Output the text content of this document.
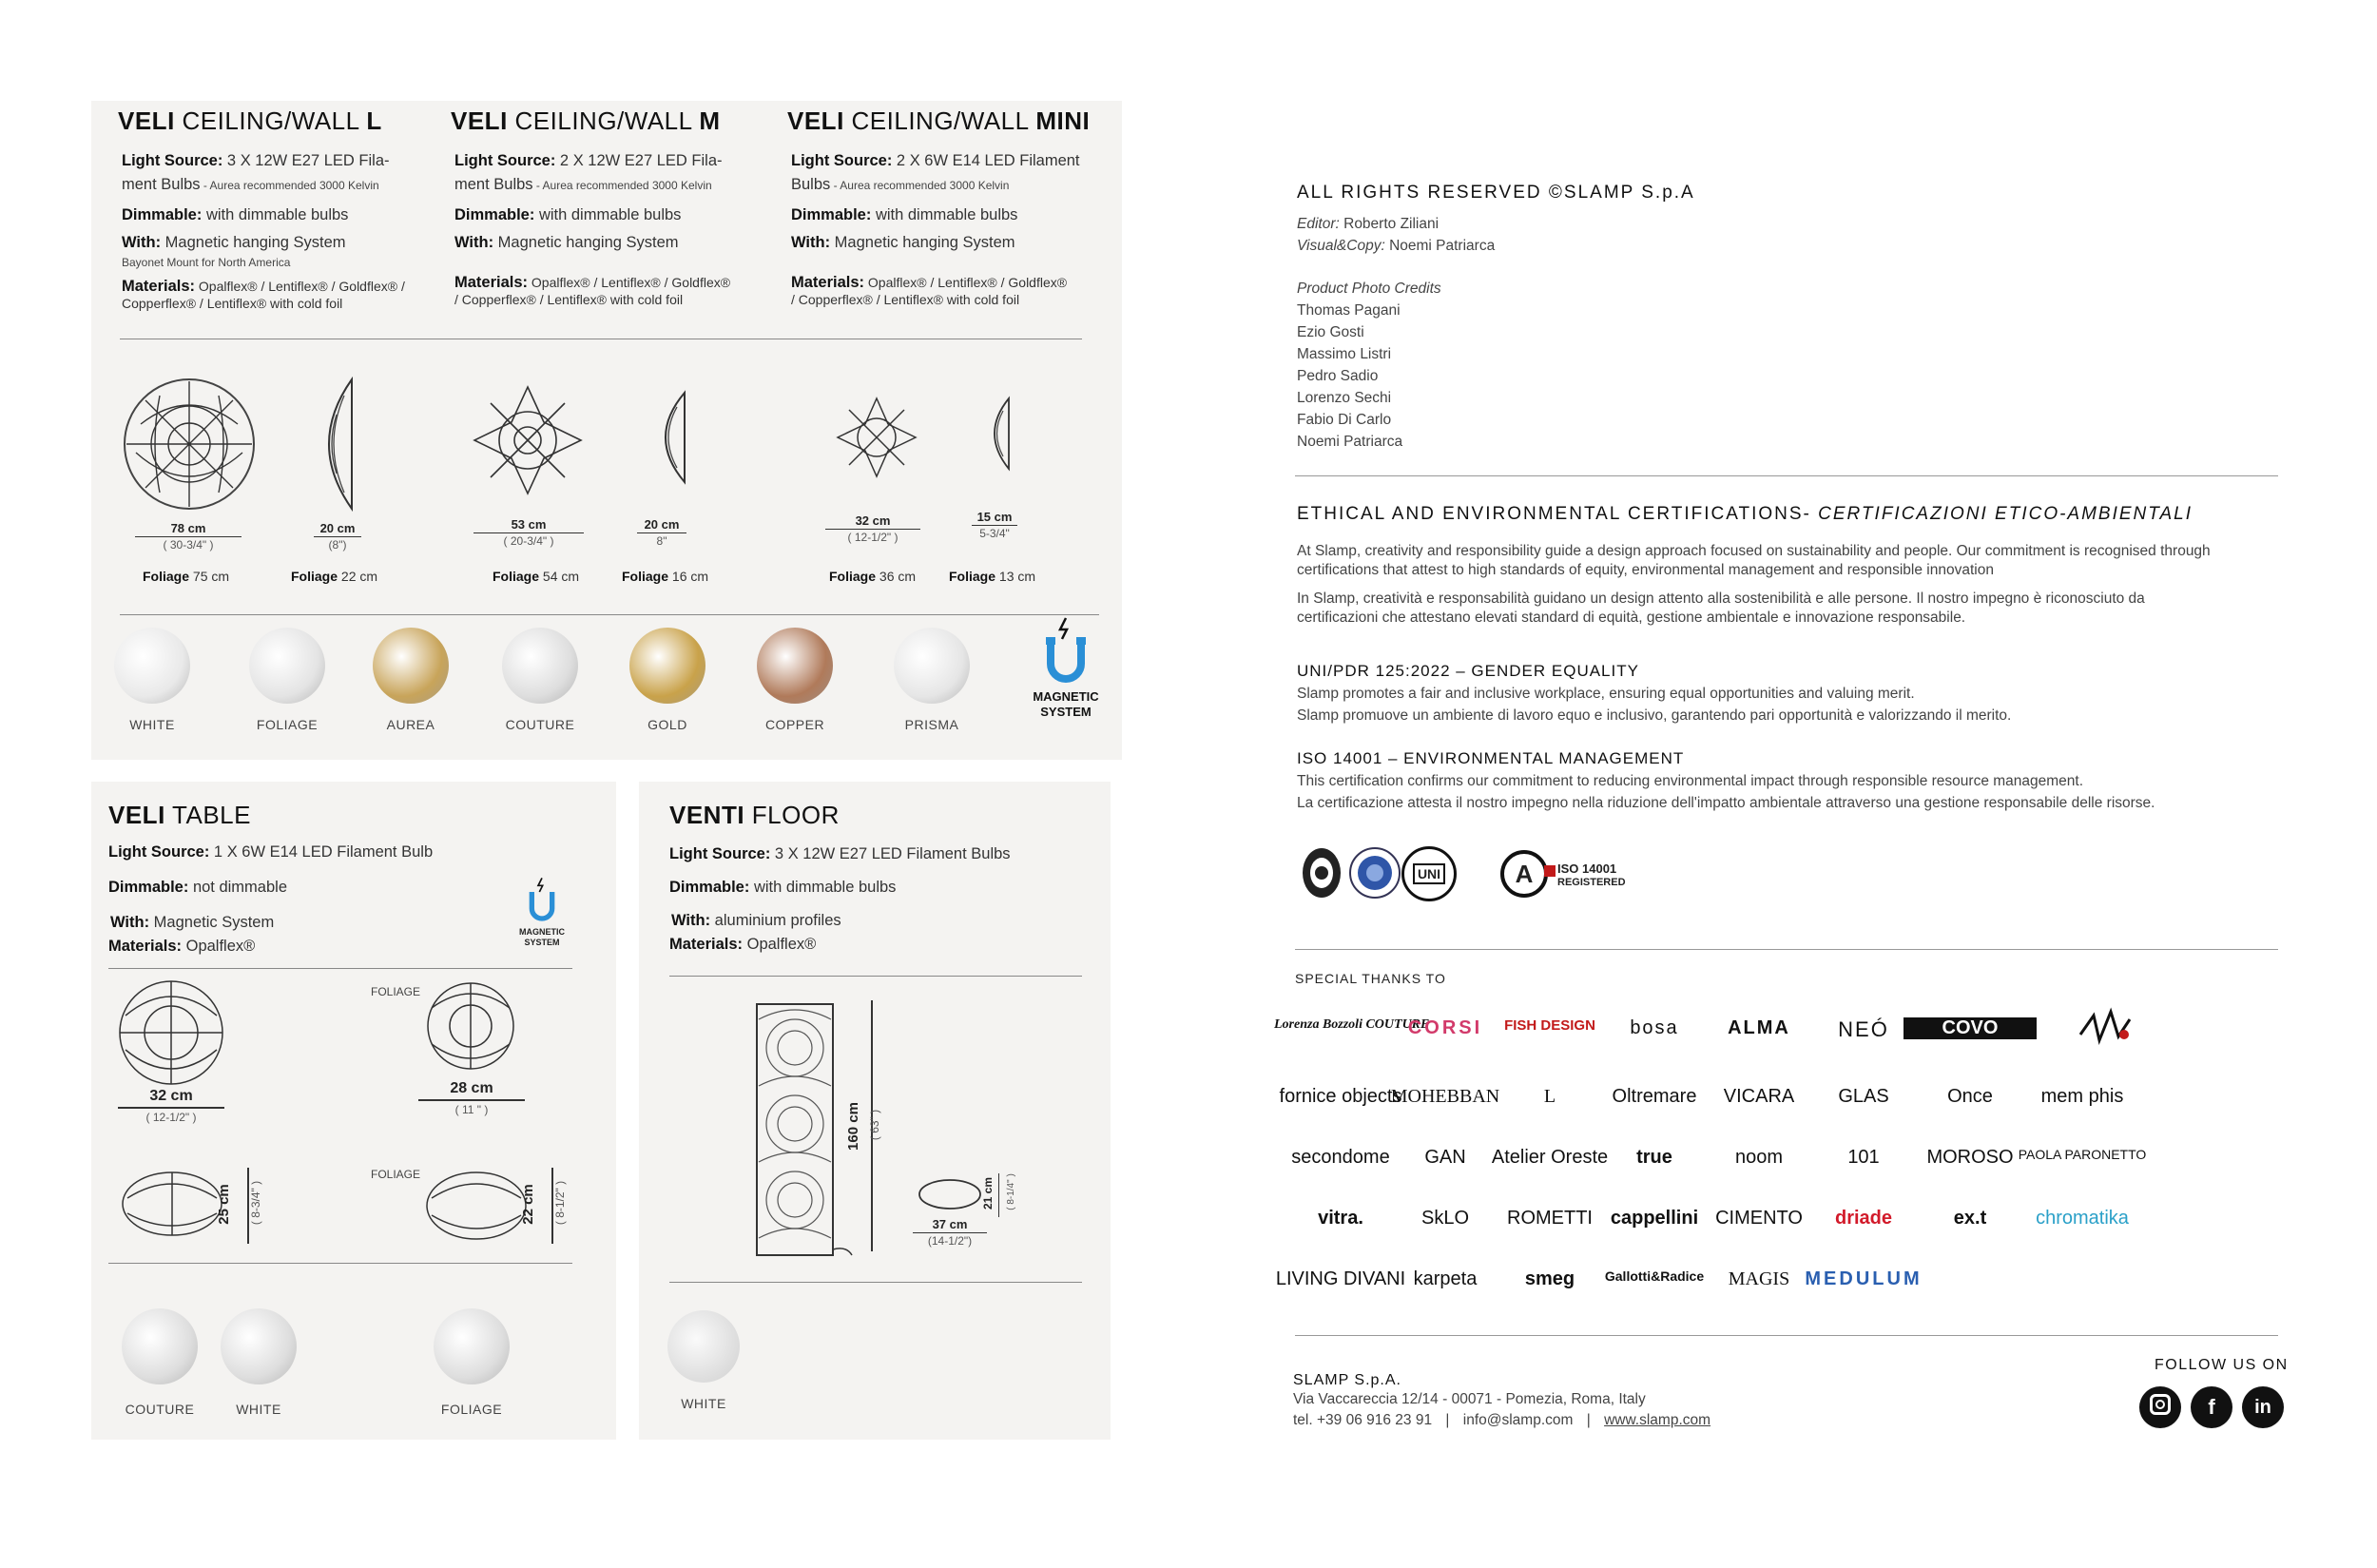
VELI CEILING/WALL L
Light Source: 3 X 12W E27 LED Fila-
ment Bulbs - Aurea recommended 3000 Kelvin
Dimmable: with dimmable bulbs
With: Magnetic hanging System
Bayonet Mount for North America
Materials: Opalflex® / Lentiflex® / Goldflex® /
Copperflex® / Lentiflex® with cold foil
VELI CEILING/WALL M
Light Source: 2 X 12W E27 LED Fila-
ment Bulbs - Aurea recommended 3000 Kelvin
Dimmable: with dimmable bulbs
With: Magnetic hanging System
Materials: Opalflex® / Lentiflex® / Goldflex®
/ Copperflex® / Lentiflex® with cold foil
VELI CEILING/WALL MINI
Light Source: 2 X 6W E14 LED Filament
Bulbs - Aurea recommended 3000 Kelvin
Dimmable: with dimmable bulbs
With: Magnetic hanging System
Materials: Opalflex® / Lentiflex® / Goldflex®
/ Copperflex® / Lentiflex® with cold foil
78 cm
( 30-3/4" )
20 cm
(8")
Foliage 75 cm	Foliage 22 cm
53 cm
( 20-3/4" )
20 cm
8"
Foliage 54 cm	Foliage 16 cm
32 cm
( 12-1/2" )
15 cm
5-3/4"
Foliage 36 cm Foliage 13 cm
WHITE	FOLIAGE	AUREA	COUTURE	GOLD	COPPER	PRISMA
MAGNETIC
SYSTEM
VELI TABLE
Light Source: 1 X 6W E14 LED Filament Bulb
Dimmable: not dimmable
With: Magnetic System
Materials: Opalflex®
MAGNETIC
SYSTEM
FOLIAGE
FOLIAGE
32 cm
( 12-1/2" )
28 cm
( 11 " )
25 cm ( 8-3/4" )	22 cm ( 8-1/2" )
COUTURE	WHITE	FOLIAGE
VENTI FLOOR
Light Source: 3 X 12W E27 LED Filament Bulbs
Dimmable: with dimmable bulbs
With: aluminium profiles
Materials: Opalflex®
160 cm ( 63" )
37 cm
(14-1/2")
21 cm ( 8-1/4" )
WHITE
ALL RIGHTS RESERVED ©SLAMP S.p.A
Editor: Roberto Ziliani
Visual&Copy: Noemi Patriarca
Product Photo Credits
Thomas Pagani
Ezio Gosti
Massimo Listri
Pedro Sadio
Lorenzo Sechi
Fabio Di Carlo
Noemi Patriarca
ETHICAL AND ENVIRONMENTAL CERTIFICATIONS- CERTIFICAZIONI ETICO-AMBIENTALI
At Slamp, creativity and responsibility guide a design approach focused on sustainability and people. Our commitment is recognised through
certifications that attest to high standards of equity, environmental management and responsible innovation
In Slamp, creatività e responsabilità guidano un design attento alla sostenibilità e alle persone. Il nostro impegno è riconosciuto da
certificazioni che attestano elevati standard di equità, gestione ambientale e innovazione responsabile.
UNI/PDR 125:2022 – GENDER EQUALITY
Slamp promotes a fair and inclusive workplace, ensuring equal opportunities and valuing merit.
Slamp promuove un ambiente di lavoro equo e inclusivo, garantendo pari opportunità e valorizzando il merito.
ISO 14001 – ENVIRONMENTAL MANAGEMENT
This certification confirms our commitment to reducing environmental impact through responsible resource management.
La certificazione attesta il nostro impegno nella riduzione dell'impatto ambientale attraverso una gestione responsabile delle risorse.
UNI	A	ISO 14001
REGISTERED
SPECIAL THANKS TO
Lorenza Bozzoli COUTURE
CORSI	FISH DESIGN	bosa	ALMA	NEÓ	COVO
fornice objects
MOHEBBAN	L	Oltremare	VICARA	GLAS	Once	mem phis
secondome	GAN	Atelier Oreste	true	noom	101	MOROSO PAOLA PARONETTO
vitra.	SkLO	ROMETTI cappellini CIMENTO	driade	ex.t	chromatika
LIVING DIVANI karpeta	smeg	Gallotti&Radice	MAGIS MEDULUM
SLAMP S.p.A.
Via Vaccareccia 12/14 - 00071 - Pomezia, Roma, Italy
tel. +39 06 916 23 91 | info@slamp.com | www.slamp.com
FOLLOW US ON
f	in
